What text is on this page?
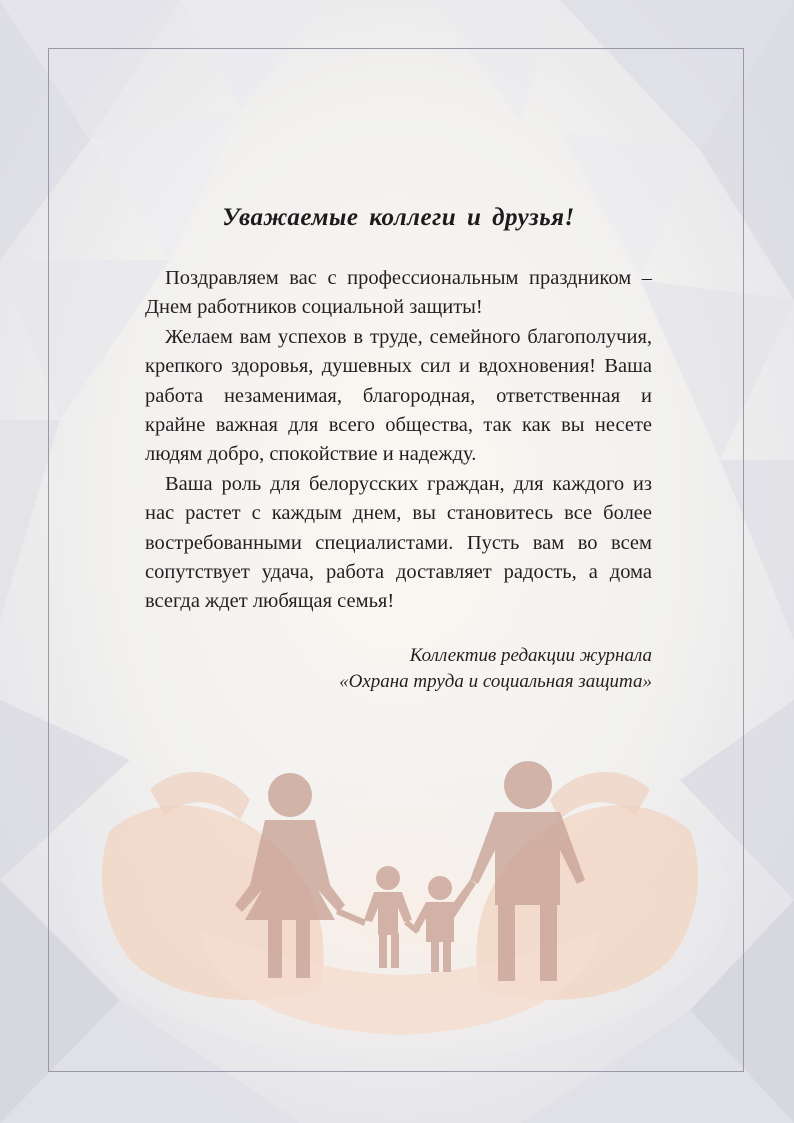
Уважаемые коллеги и друзья!

Поздравляем вас с профессиональным праздником – Днем работников социальной защиты!

Желаем вам успехов в труде, семейного благополучия, крепкого здоровья, душевных сил и вдохновения! Ваша работа незаменимая, благородная, ответственная и крайне важная для всего общества, так как вы несете людям добро, спокойствие и надежду.

Ваша роль для белорусских граждан, для каждого из нас растет с каждым днем, вы становитесь все более востребованными специалистами. Пусть вам во всем сопутствует удача, работа доставляет радость, а дома всегда ждет любящая семья!

Коллектив редакции журнала
«Охрана труда и социальная защита»
